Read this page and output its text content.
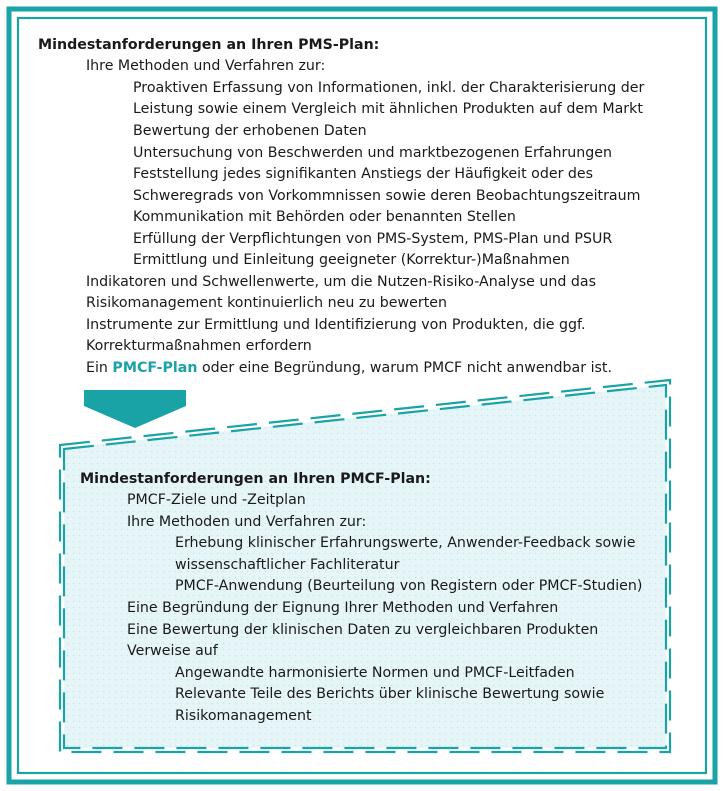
Mindestanforderungen an Ihren PMS-Plan:
Ihre Methoden und Verfahren zur:
Proaktiven Erfassung von Informationen, inkl. der Charakterisierung der
Leistung sowie einem Vergleich mit ähnlichen Produkten auf dem Markt
Bewertung der erhobenen Daten
Untersuchung von Beschwerden und marktbezogenen Erfahrungen
Feststellung jedes signifikanten Anstiegs der Häufigkeit oder des
Schweregrads von Vorkommnissen sowie deren Beobachtungszeitraum
Kommunikation mit Behörden oder benannten Stellen
Erfüllung der Verpflichtungen von PMS-System, PMS-Plan und PSUR
Ermittlung und Einleitung geeigneter (Korrektur-)Maßnahmen
Indikatoren und Schwellenwerte, um die Nutzen-Risiko-Analyse und das
Risikomanagement kontinuierlich neu zu bewerten
Instrumente zur Ermittlung und Identifizierung von Produkten, die ggf.
Korrekturmaßnahmen erfordern
Ein PMCF-Plan oder eine Begründung, warum PMCF nicht anwendbar ist.
Mindestanforderungen an Ihren PMCF-Plan:
PMCF-Ziele und -Zeitplan
Ihre Methoden und Verfahren zur:
Erhebung klinischer Erfahrungswerte, Anwender-Feedback sowie
wissenschaftlicher Fachliteratur
PMCF-Anwendung (Beurteilung von Registern oder PMCF-Studien)
Eine Begründung der Eignung Ihrer Methoden und Verfahren
Eine Bewertung der klinischen Daten zu vergleichbaren Produkten
Verweise auf
Angewandte harmonisierte Normen und PMCF-Leitfaden
Relevante Teile des Berichts über klinische Bewertung sowie
Risikomanagement
